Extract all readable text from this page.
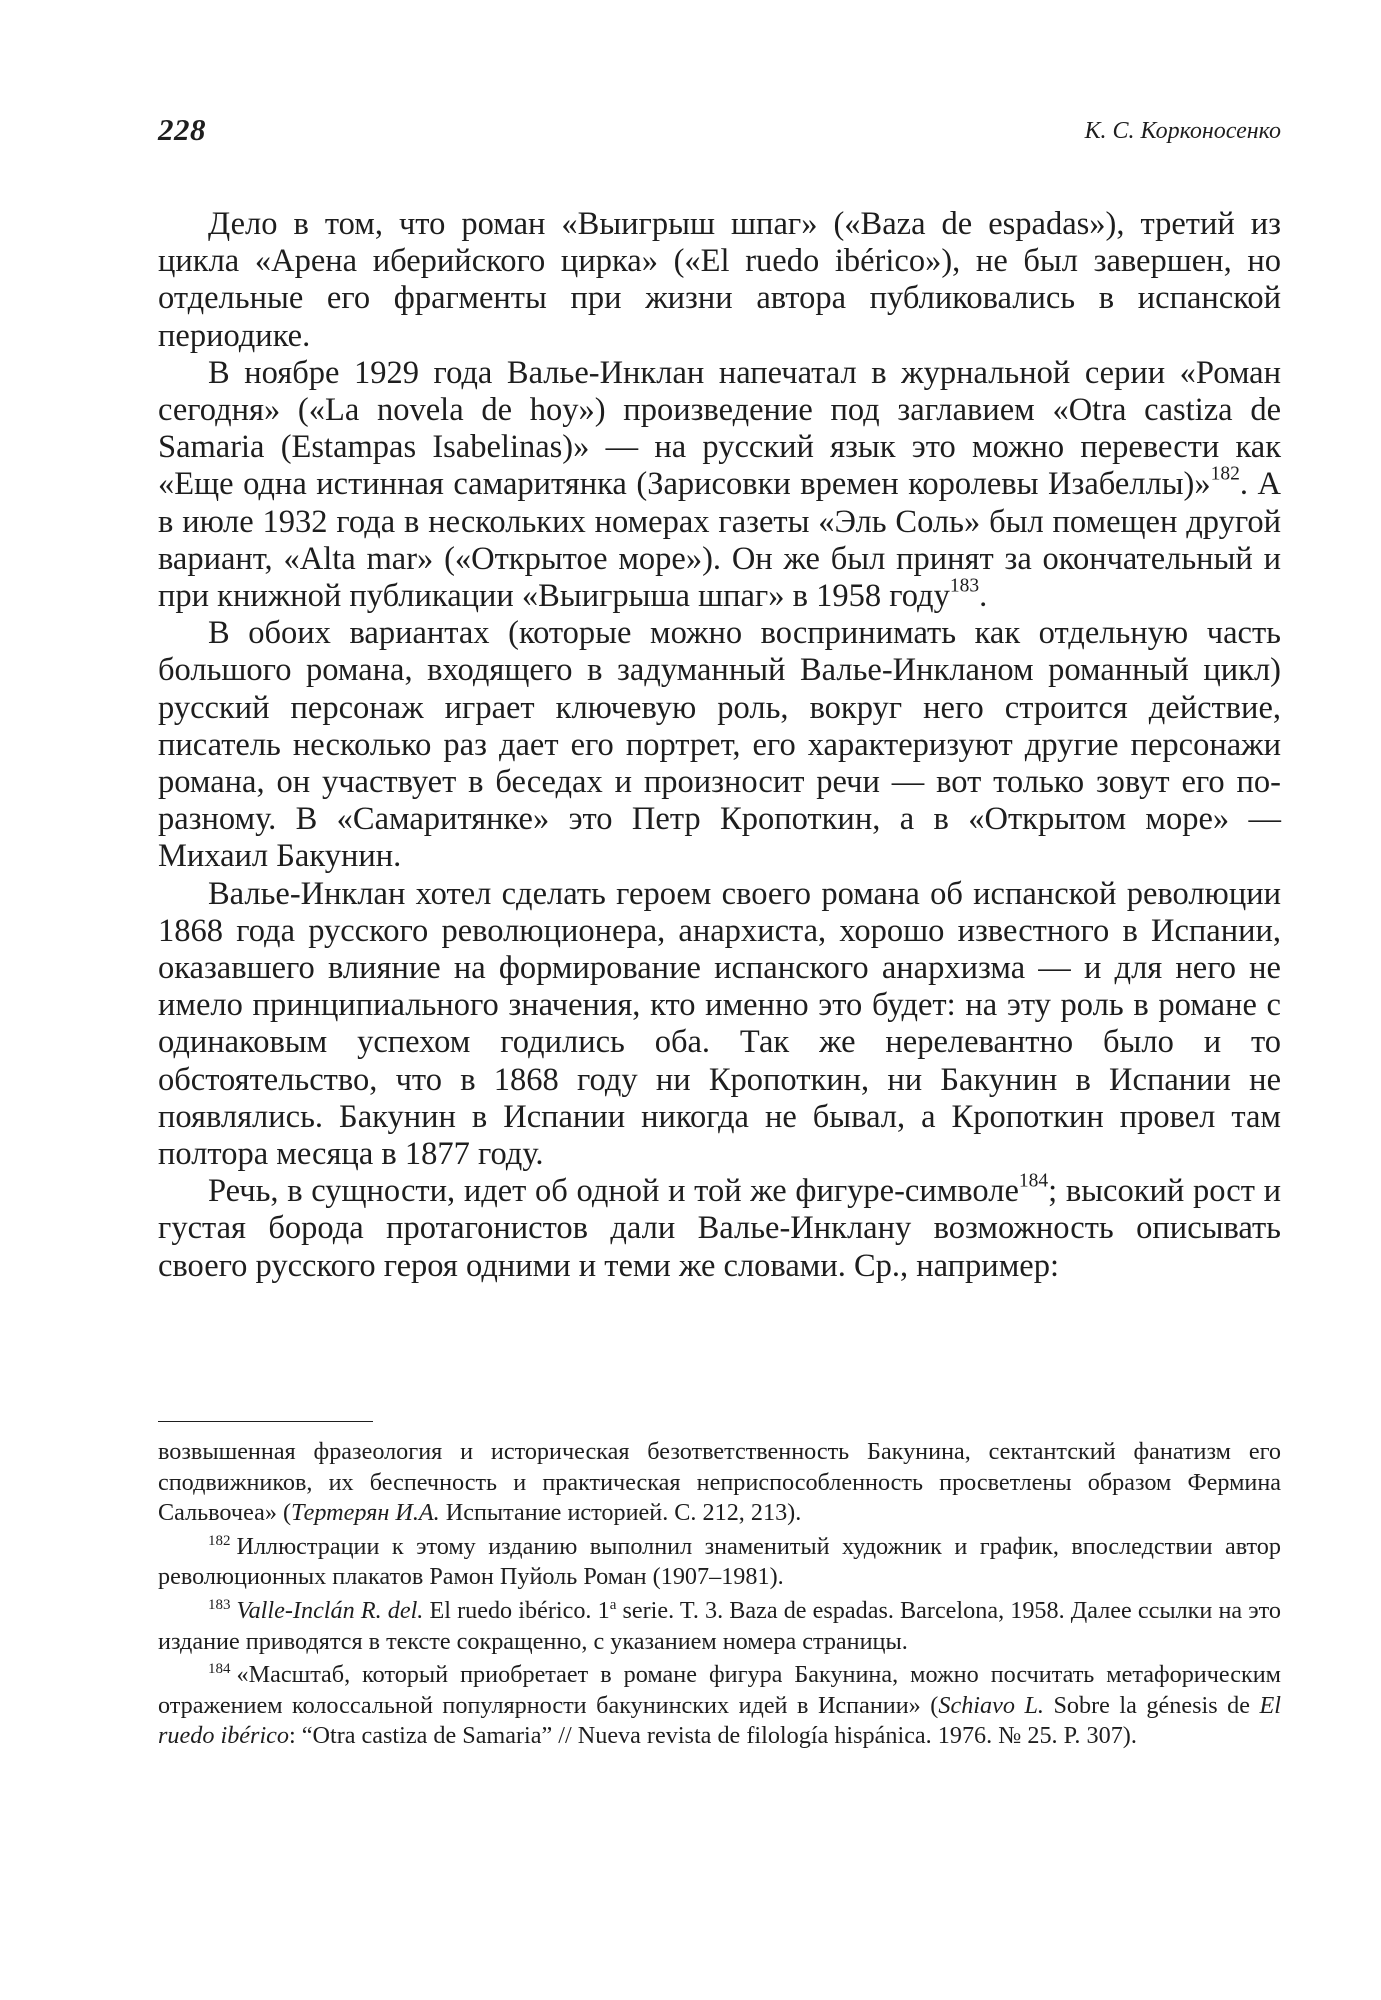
228	К. С. Корконосенко

Дело в том, что роман «Выигрыш шпаг» («Baza de espadas»), третий из цикла «Арена иберийского цирка» («El ruedo ibérico»), не был завершен, но отдельные его фрагменты при жизни автора публиковались в испанской периодике.

В ноябре 1929 года Валье-Инклан напечатал в журнальной серии «Роман сегодня» («La novela de hoy») произведение под заглавием «Otra castiza de Samaria (Estampas Isabelinas)» — на русский язык это можно перевести как «Еще одна истинная самаритянка (Зарисовки времен королевы Изабеллы)»$^{182}$. А в июле 1932 года в нескольких номерах газеты «Эль Соль» был помещен другой вариант, «Alta mar» («Открытое море»). Он же был принят за окончательный и при книжной публикации «Выигрыша шпаг» в 1958 году$^{183}$.

В обоих вариантах (которые можно воспринимать как отдельную часть большого романа, входящего в задуманный Валье-Инкланом романный цикл) русский персонаж играет ключевую роль, вокруг него строится действие, писатель несколько раз дает его портрет, его характеризуют другие персонажи романа, он участвует в беседах и произносит речи — вот только зовут его по-разному. В «Самаритянке» это Петр Кропоткин, а в «Открытом море» — Михаил Бакунин.

Валье-Инклан хотел сделать героем своего романа об испанской революции 1868 года русского революционера, анархиста, хорошо известного в Испании, оказавшего влияние на формирование испанского анархизма — и для него не имело принципиального значения, кто именно это будет: на эту роль в романе с одинаковым успехом годились оба. Так же нерелевантно было и то обстоятельство, что в 1868 году ни Кропоткин, ни Бакунин в Испании не появлялись. Бакунин в Испании никогда не бывал, а Кропоткин провел там полтора месяца в 1877 году.

Речь, в сущности, идет об одной и той же фигуре-символе$^{184}$; высокий рост и густая борода протагонистов дали Валье-Инклану возможность описывать своего русского героя одними и теми же словами. Ср., например:

возвышенная фразеология и историческая безответственность Бакунина, сектантский фанатизм его сподвижников, их беспечность и практическая неприспособленность просветлены образом Фермина Сальвочеа» (Тертерян И.А. Испытание историей. С. 212, 213).

$^{182}$ Иллюстрации к этому изданию выполнил знаменитый художник и график, впоследствии автор революционных плакатов Рамон Пуйоль Роман (1907–1981).

$^{183}$ Valle-Inclán R. del. El ruedo ibérico. 1$^a$ serie. T. 3. Baza de espadas. Barcelona, 1958. Далее ссылки на это издание приводятся в тексте сокращенно, с указанием номера страницы.

$^{184}$ «Масштаб, который приобретает в романе фигура Бакунина, можно посчитать метафорическим отражением колоссальной популярности бакунинских идей в Испании» (Schiavo L. Sobre la génesis de El ruedo ibérico: “Otra castiza de Samaria” // Nueva revista de filología hispánica. 1976. № 25. P. 307).
